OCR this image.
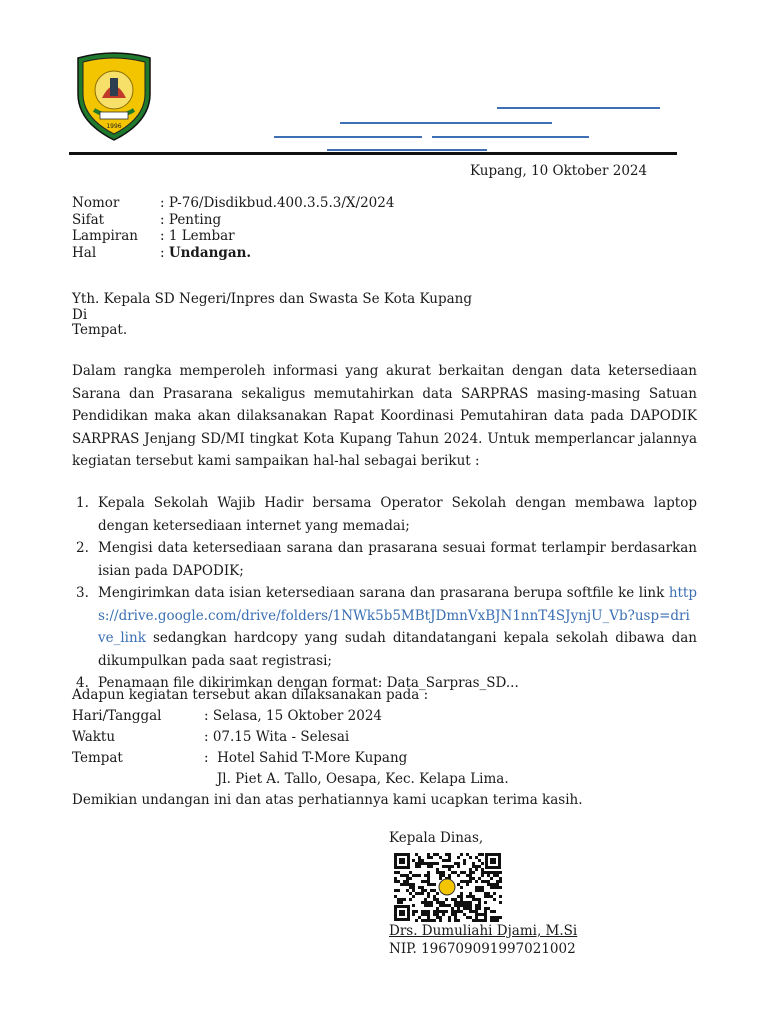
1996
Kupang, 10 Oktober 2024
Nomor	: P-76/Disdikbud.400.3.5.3/X/2024
Sifat	: Penting
Lampiran	: 1 Lembar
Hal	: Undangan.
Yth. Kepala SD Negeri/Inpres dan Swasta Se Kota Kupang
Di
Tempat.
Dalam rangka memperoleh informasi yang akurat berkaitan dengan data ketersediaan Sarana dan Prasarana sekaligus memutahirkan data SARPRAS masing-masing Satuan Pendidikan maka akan dilaksanakan Rapat Koordinasi Pemutahiran data pada DAPODIK SARPRAS Jenjang SD/MI tingkat Kota Kupang Tahun 2024. Untuk memperlancar jalannya kegiatan tersebut kami sampaikan hal-hal sebagai berikut :
1. Kepala Sekolah Wajib Hadir bersama Operator Sekolah dengan membawa laptop dengan ketersediaan internet yang memadai;
2. Mengisi data ketersediaan sarana dan prasarana sesuai format terlampir berdasarkan isian pada DAPODIK;
3. Mengirimkan data isian ketersediaan sarana dan prasarana berupa softfile ke link https://drive.google.com/drive/folders/1NWk5b5MBtJDmnVxBJN1nnT4SJynjU_Vb?usp=drive_link sedangkan hardcopy yang sudah ditandatangani kepala sekolah dibawa dan dikumpulkan pada saat registrasi;
4. Penamaan file dikirimkan dengan format: Data_Sarpras_SD...
Adapun kegiatan tersebut akan dilaksanakan pada :
Hari/Tanggal	: Selasa, 15 Oktober 2024
Waktu	: 07.15 Wita - Selesai
Tempat	:  Hotel Sahid T-More Kupang
Jl. Piet A. Tallo, Oesapa, Kec. Kelapa Lima.
Demikian undangan ini dan atas perhatiannya kami ucapkan terima kasih.
Kepala Dinas,
Drs. Dumuliahi Djami, M.Si
NIP. 196709091997021002
